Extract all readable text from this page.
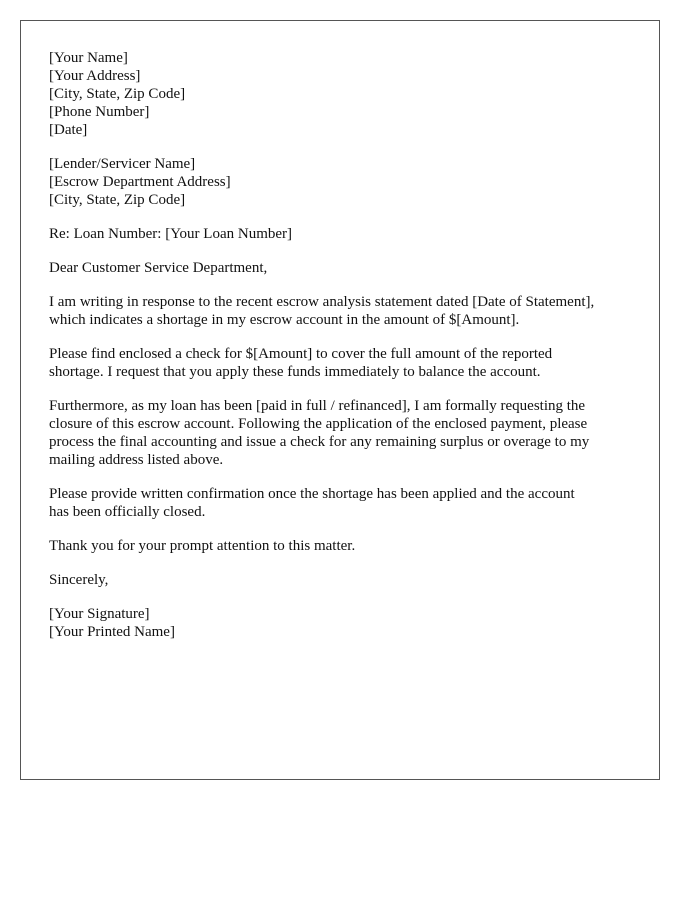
[Your Name]
[Your Address]
[City, State, Zip Code]
[Phone Number]
[Date]
[Lender/Servicer Name]
[Escrow Department Address]
[City, State, Zip Code]
Re: Loan Number: [Your Loan Number]
Dear Customer Service Department,
I am writing in response to the recent escrow analysis statement dated [Date of Statement],
which indicates a shortage in my escrow account in the amount of $[Amount].
Please find enclosed a check for $[Amount] to cover the full amount of the reported
shortage. I request that you apply these funds immediately to balance the account.
Furthermore, as my loan has been [paid in full / refinanced], I am formally requesting the
closure of this escrow account. Following the application of the enclosed payment, please
process the final accounting and issue a check for any remaining surplus or overage to my
mailing address listed above.
Please provide written confirmation once the shortage has been applied and the account
has been officially closed.
Thank you for your prompt attention to this matter.
Sincerely,
[Your Signature]
[Your Printed Name]
